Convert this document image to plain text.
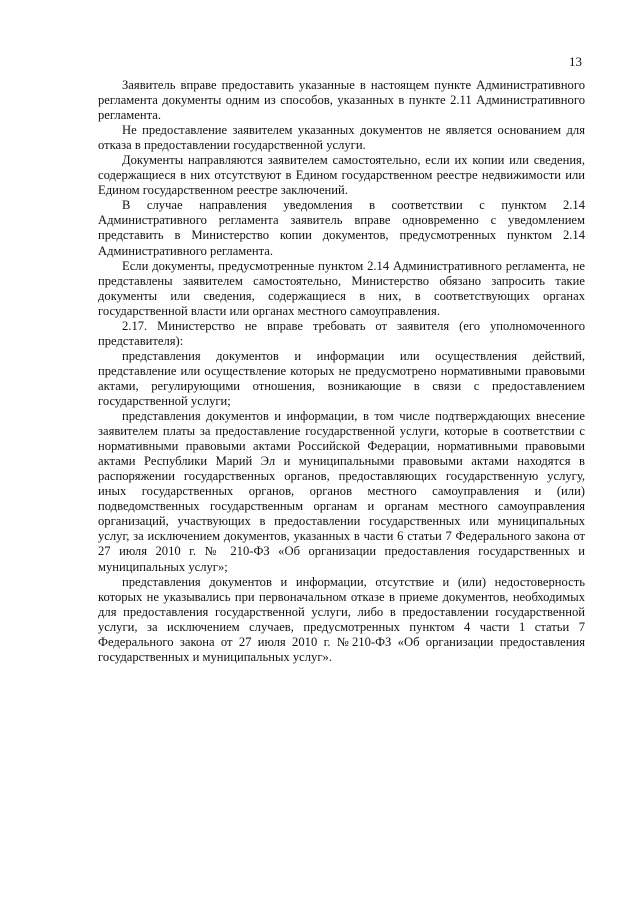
13

Заявитель вправе предоставить указанные в настоящем пункте Административного регламента документы одним из способов, указанных в пункте 2.11 Административного регламента.

Не предоставление заявителем указанных документов не является основанием для отказа в предоставлении государственной услуги.

Документы направляются заявителем самостоятельно, если их копии или сведения, содержащиеся в них отсутствуют в Едином государственном реестре недвижимости или Едином государственном реестре заключений.

В случае направления уведомления в соответствии с пунктом 2.14 Административного регламента заявитель вправе одновременно с уведомлением представить в Министерство копии документов, предусмотренных пунктом 2.14 Административного регламента.

Если документы, предусмотренные пунктом 2.14 Административного регламента, не представлены заявителем самостоятельно, Министерство обязано запросить такие документы или сведения, содержащиеся в них, в соответствующих органах государственной власти или органах местного самоуправления.

2.17. Министерство не вправе требовать от заявителя (его уполномоченного представителя):

представления документов и информации или осуществления действий, представление или осуществление которых не предусмотрено нормативными правовыми актами, регулирующими отношения, возникающие в связи с предоставлением государственной услуги;

представления документов и информации, в том числе подтверждающих внесение заявителем платы за предоставление государственной услуги, которые в соответствии с нормативными правовыми актами Российской Федерации, нормативными правовыми актами Республики Марий Эл и муниципальными правовыми актами находятся в распоряжении государственных органов, предоставляющих государственную услугу, иных государственных органов, органов местного самоуправления и (или) подведомственных государственным органам и органам местного самоуправления организаций, участвующих в предоставлении государственных или муниципальных услуг, за исключением документов, указанных в части 6 статьи 7 Федерального закона от 27 июля 2010 г. № 210-ФЗ «Об организации предоставления государственных и муниципальных услуг»;

представления документов и информации, отсутствие и (или) недостоверность которых не указывались при первоначальном отказе в приеме документов, необходимых для предоставления государственной услуги, либо в предоставлении государственной услуги, за исключением случаев, предусмотренных пунктом 4 части 1 статьи 7 Федерального закона от 27 июля 2010 г. №210-ФЗ «Об организации предоставления государственных и муниципальных услуг».
